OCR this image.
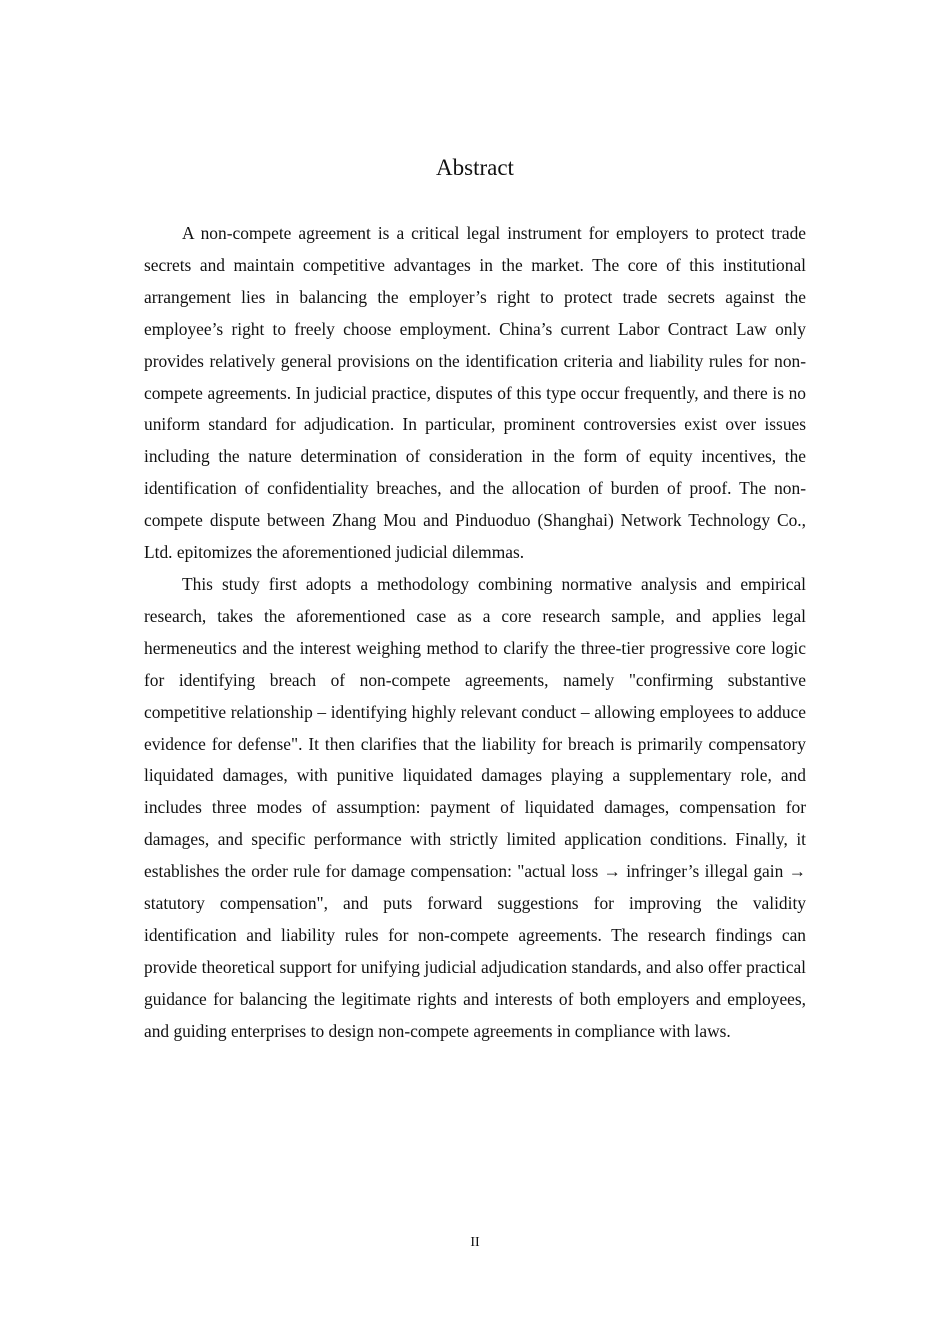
Abstract

A non-compete agreement is a critical legal instrument for employers to protect trade secrets and maintain competitive advantages in the market. The core of this institutional arrangement lies in balancing the employer’s right to protect trade secrets against the employee’s right to freely choose employment. China’s current Labor Contract Law only provides relatively general provisions on the identification criteria and liability rules for non-compete agreements. In judicial practice, disputes of this type occur frequently, and there is no uniform standard for adjudication. In particular, prominent controversies exist over issues including the nature determination of consideration in the form of equity incentives, the identification of confidentiality breaches, and the allocation of burden of proof. The non-compete dispute between Zhang Mou and Pinduoduo (Shanghai) Network Technology Co., Ltd. epitomizes the aforementioned judicial dilemmas.

This study first adopts a methodology combining normative analysis and empirical research, takes the aforementioned case as a core research sample, and applies legal hermeneutics and the interest weighing method to clarify the three-tier progressive core logic for identifying breach of non-compete agreements, namely "confirming substantive competitive relationship – identifying highly relevant conduct – allowing employees to adduce evidence for defense". It then clarifies that the liability for breach is primarily compensatory liquidated damages, with punitive liquidated damages playing a supplementary role, and includes three modes of assumption: payment of liquidated damages, compensation for damages, and specific performance with strictly limited application conditions. Finally, it establishes the order rule for damage compensation: "actual loss → infringer’s illegal gain → statutory compensation", and puts forward suggestions for improving the validity identification and liability rules for non-compete agreements. The research findings can provide theoretical support for unifying judicial adjudication standards, and also offer practical guidance for balancing the legitimate rights and interests of both employers and employees, and guiding enterprises to design non-compete agreements in compliance with laws.

II
